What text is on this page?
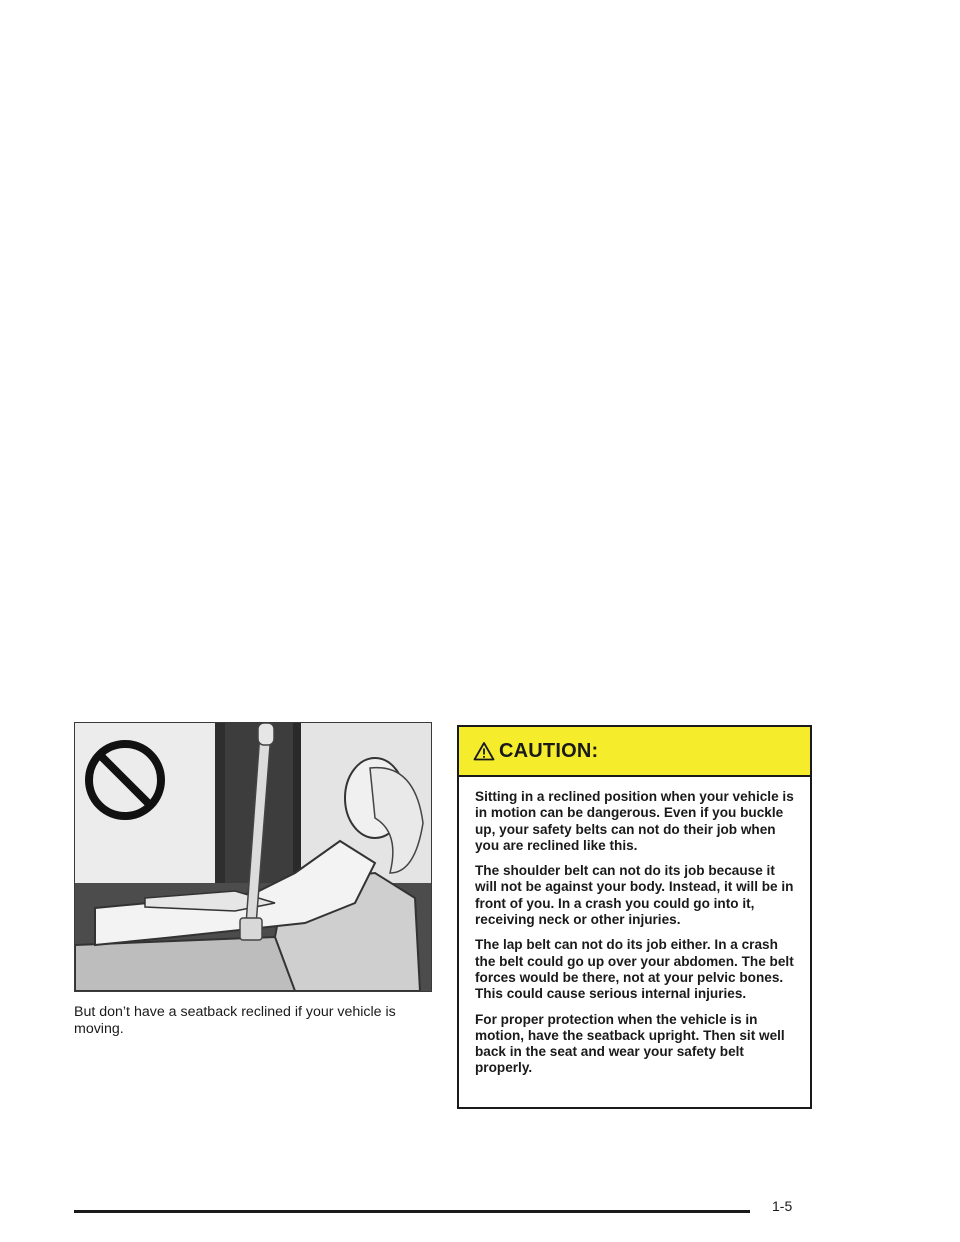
But don’t have a seatback reclined if your vehicle is moving.

CAUTION:

Sitting in a reclined position when your vehicle is in motion can be dangerous. Even if you buckle up, your safety belts can not do their job when you are reclined like this.

The shoulder belt can not do its job because it will not be against your body. Instead, it will be in front of you. In a crash you could go into it, receiving neck or other injuries.

The lap belt can not do its job either. In a crash the belt could go up over your abdomen. The belt forces would be there, not at your pelvic bones. This could cause serious internal injuries.

For proper protection when the vehicle is in motion, have the seatback upright. Then sit well back in the seat and wear your safety belt properly.

1-5
